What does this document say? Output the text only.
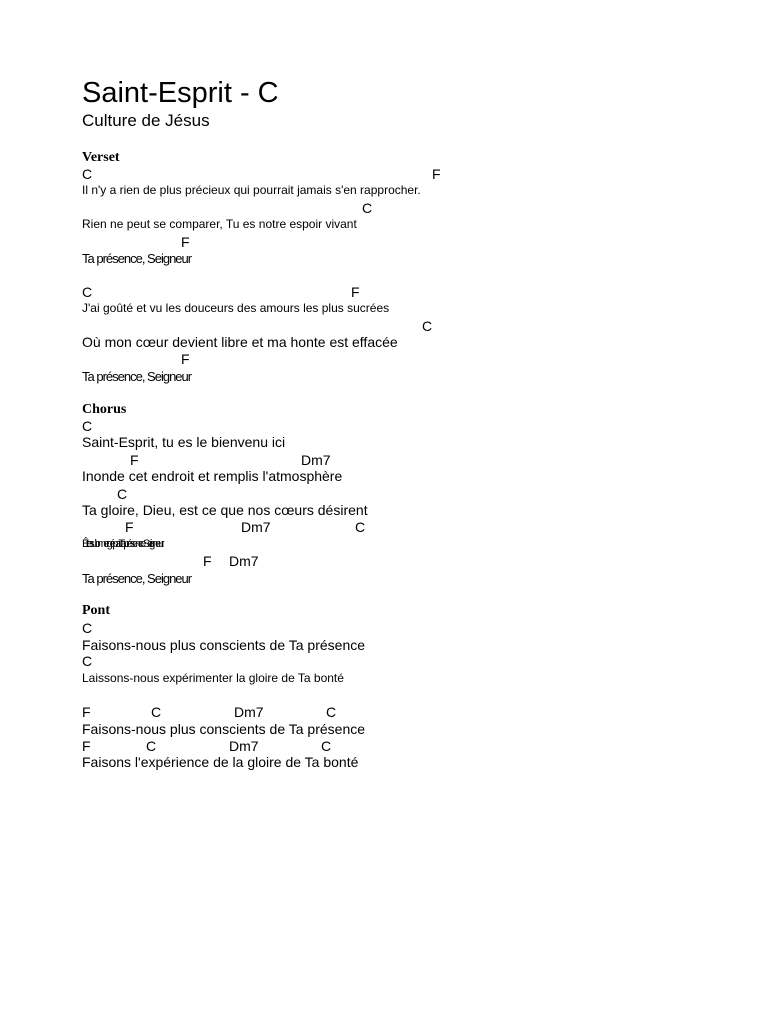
Saint-Esprit - C
Culture de Jésus
Verset
C	F
Il n'y a rien de plus précieux qui pourrait jamais s'en rapprocher.
C
Rien ne peut se comparer, Tu es notre espoir vivant
F
Ta présence, Seigneur
C	F
J'ai goûté et vu les douceurs des amours les plus sucrées
C
Où mon cœur devient libre et ma honte est effacée
F
Ta présence, Seigneur
Chorus
C
Saint-Esprit, tu es le bienvenu ici
F	Dm7
Inonde cet endroit et remplis l'atmosphère
C
Ta gloire, Dieu, est ce que nos cœurs désirent
F	Dm7	C
Être submergé par Ta présence Seigneur
F Dm7
Ta présence, Seigneur
Pont
C
Faisons-nous plus conscients de Ta présence
C
Laissons-nous expérimenter la gloire de Ta bonté
F	C	Dm7	C
Faisons-nous plus conscients de Ta présence
F	C	Dm7	C
Faisons l'expérience de la gloire de Ta bonté
